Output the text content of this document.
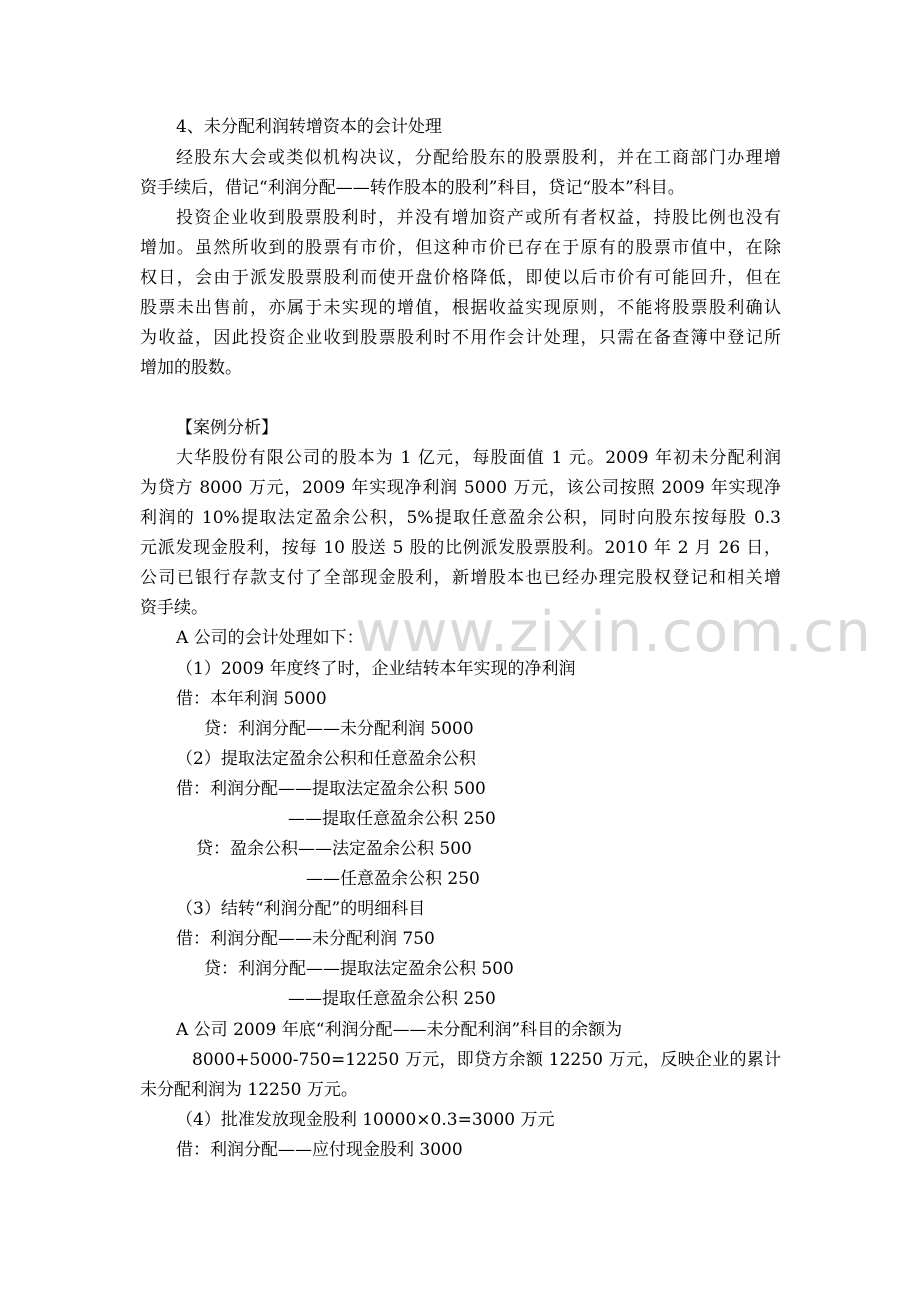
www.zixin.com.cn
4、未分配利润转增资本的会计处理
经股东大会或类似机构决议，分配给股东的股票股利，并在工商部门办理增
资手续后，借记“利润分配——转作股本的股利”科目，贷记“股本”科目。
投资企业收到股票股利时，并没有增加资产或所有者权益，持股比例也没有
增加。虽然所收到的股票有市价，但这种市价已存在于原有的股票市值中，在除
权日，会由于派发股票股利而使开盘价格降低，即使以后市价有可能回升，但在
股票未出售前，亦属于未实现的增值，根据收益实现原则，不能将股票股利确认
为收益，因此投资企业收到股票股利时不用作会计处理，只需在备查簿中登记所
增加的股数。
【案例分析】
大华股份有限公司的股本为 1 亿元，每股面值 1 元。2009 年初未分配利润
为贷方 8000 万元，2009 年实现净利润 5000 万元，该公司按照 2009 年实现净
利润的 10%提取法定盈余公积，5%提取任意盈余公积，同时向股东按每股 0.3
元派发现金股利，按每 10 股送 5 股的比例派发股票股利。2010 年 2 月 26 日，
公司已银行存款支付了全部现金股利，新增股本也已经办理完股权登记和相关增
资手续。
A 公司的会计处理如下：
（1）2009 年度终了时，企业结转本年实现的净利润
借：本年利润 5000
贷：利润分配——未分配利润 5000
（2）提取法定盈余公积和任意盈余公积
借：利润分配——提取法定盈余公积 500
——提取任意盈余公积 250
贷：盈余公积——法定盈余公积 500
——任意盈余公积 250
（3）结转“利润分配”的明细科目
借：利润分配——未分配利润 750
贷：利润分配——提取法定盈余公积 500
——提取任意盈余公积 250
A 公司 2009 年底“利润分配——未分配利润”科目的余额为
8000+5000-750=12250 万元，即贷方余额 12250 万元，反映企业的累计
未分配利润为 12250 万元。
（4）批准发放现金股利 10000×0.3=3000 万元
借：利润分配——应付现金股利 3000
